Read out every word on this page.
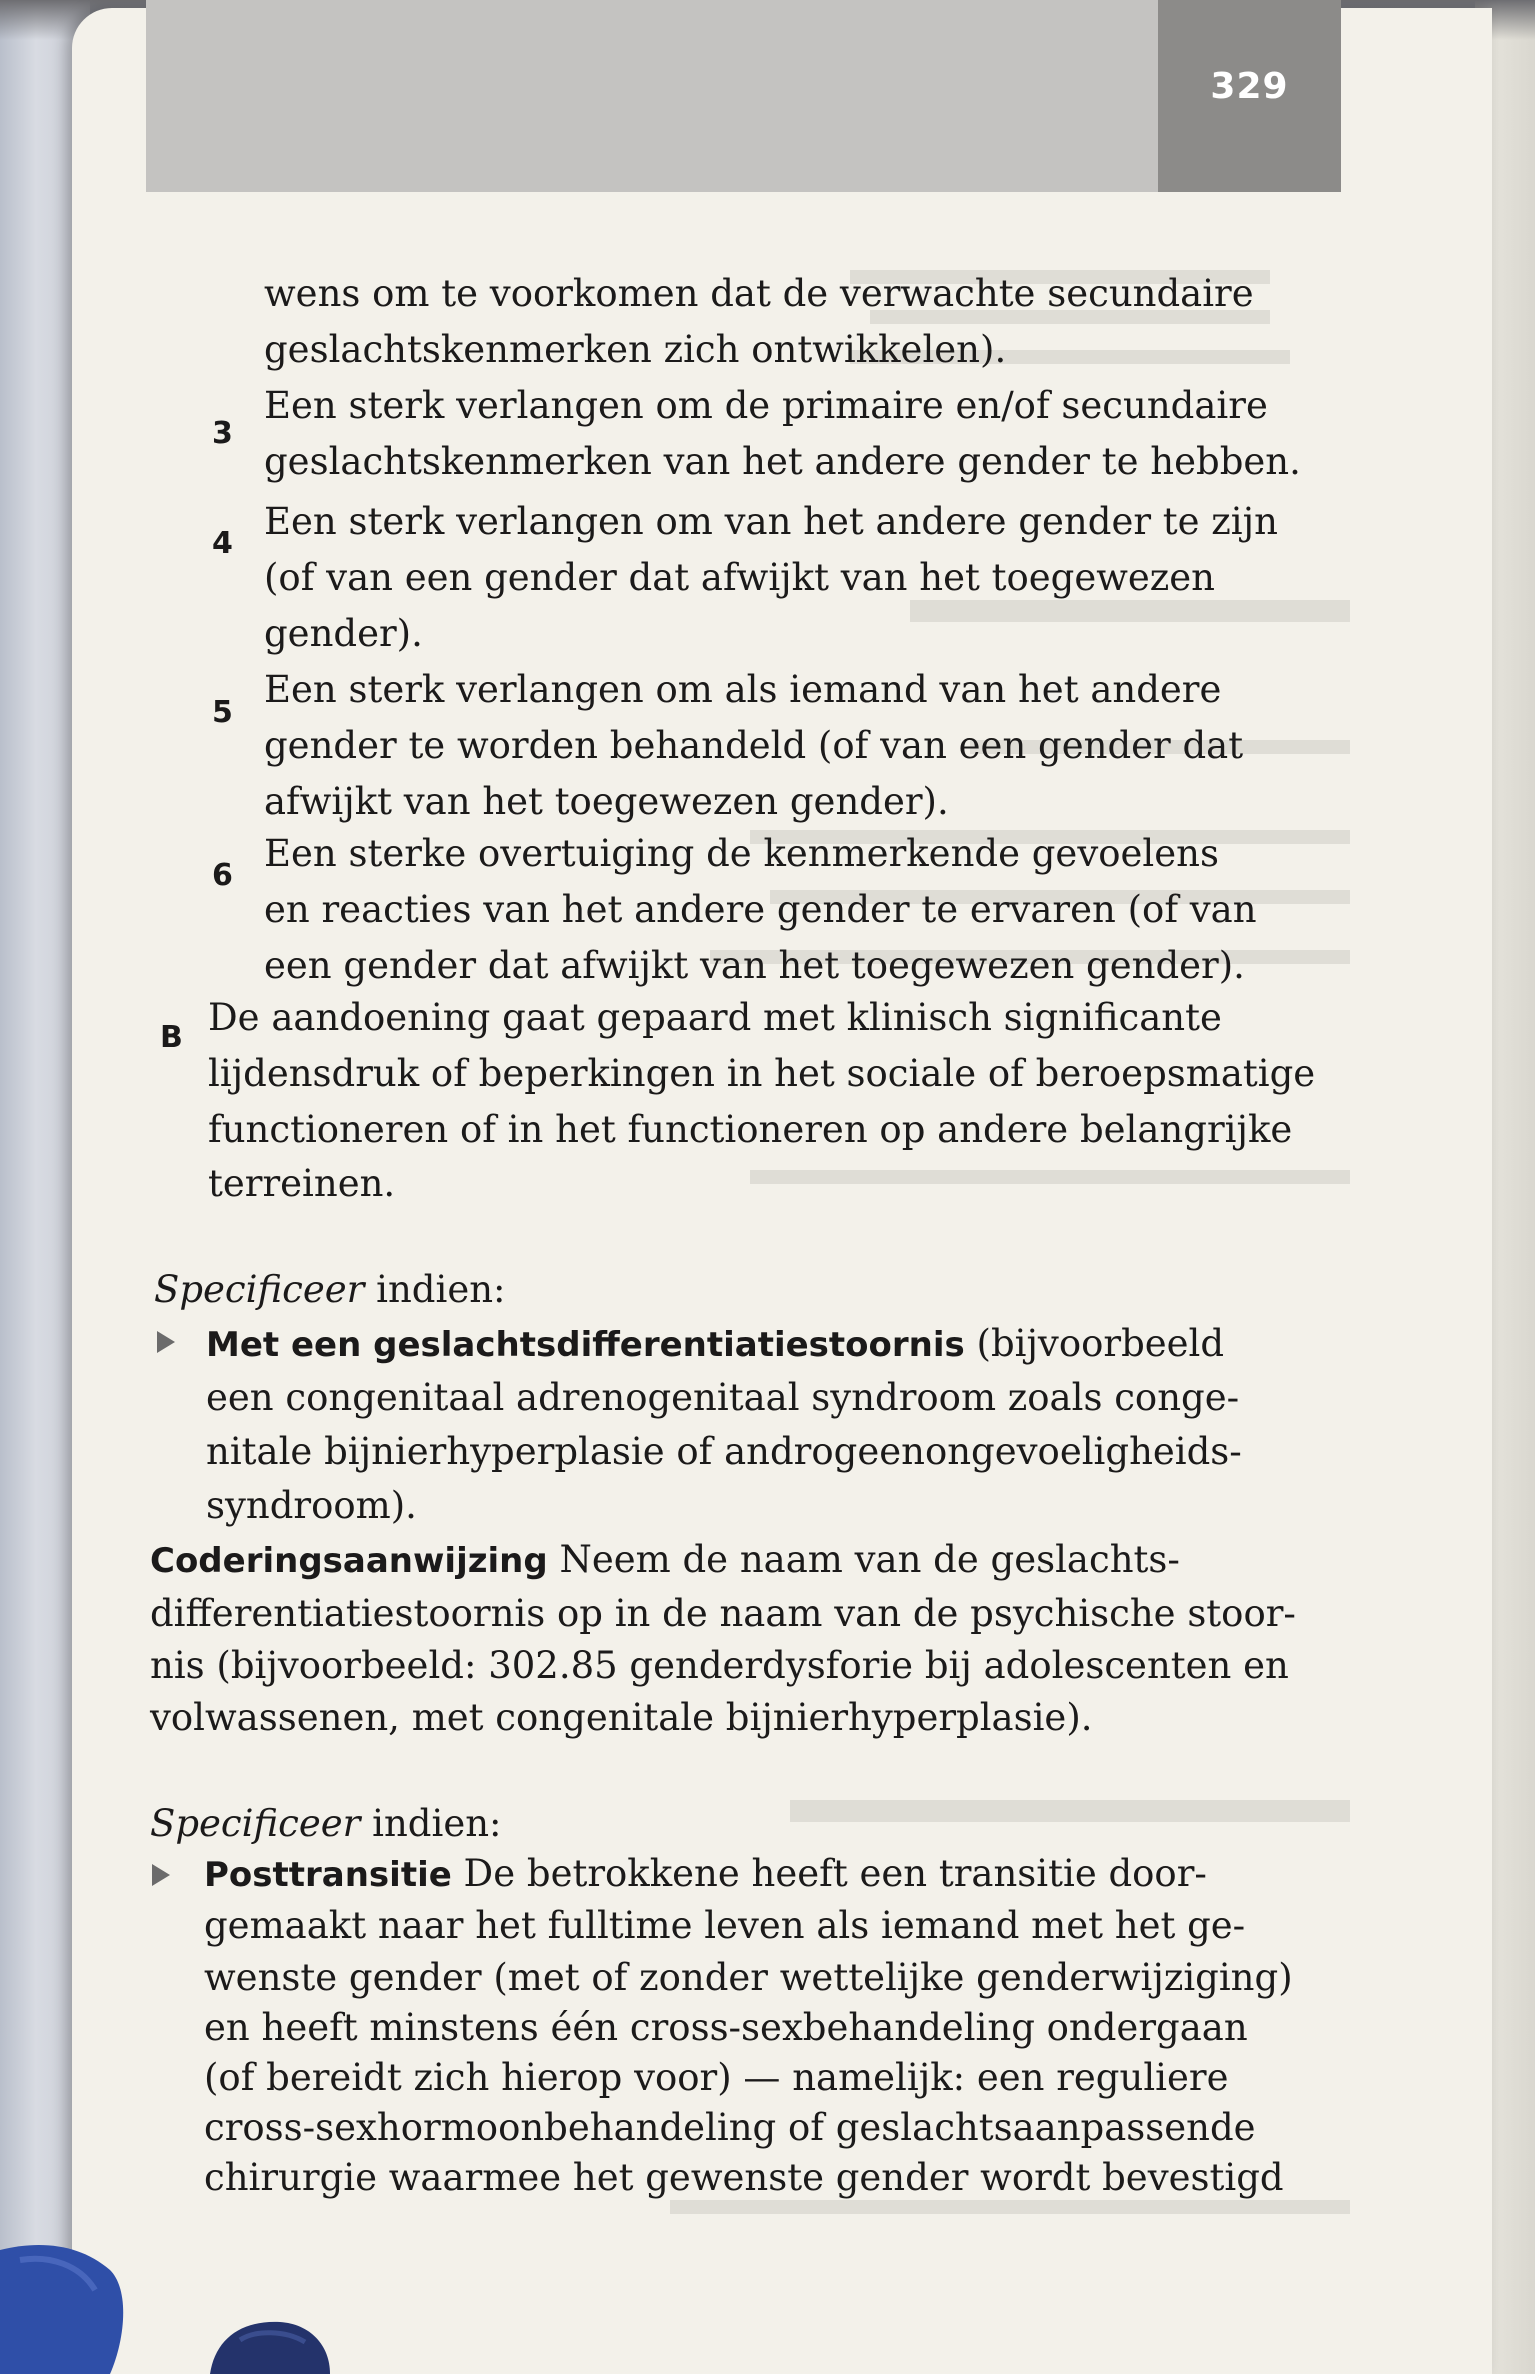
329
wens om te voorkomen dat de verwachte secundaire
geslachtskenmerken zich ontwikkelen).
3
Een sterk verlangen om de primaire en/of secundaire
geslachtskenmerken van het andere gender te hebben.
4
Een sterk verlangen om van het andere gender te zijn
(of van een gender dat afwijkt van het toegewezen
gender).
5
Een sterk verlangen om als iemand van het andere
gender te worden behandeld (of van een gender dat
afwijkt van het toegewezen gender).
6
Een sterke overtuiging de kenmerkende gevoelens
en reacties van het andere gender te ervaren (of van
een gender dat afwijkt van het toegewezen gender).
B De aandoening gaat gepaard met klinisch significante
lijdensdruk of beperkingen in het sociale of beroepsmatige
functioneren of in het functioneren op andere belangrijke
terreinen.
Specificeer indien:
Met een geslachtsdifferentiatiestoornis (bijvoorbeeld
een congenitaal adrenogenitaal syndroom zoals conge-
nitale bijnierhyperplasie of androgeenongevoeligheids-
syndroom).
Coderingsaanwijzing Neem de naam van de geslachts-
differentiatiestoornis op in de naam van de psychische stoor-
nis (bijvoorbeeld: 302.85 genderdysforie bij adolescenten en
volwassenen, met congenitale bijnierhyperplasie).
Specificeer indien:
Posttransitie De betrokkene heeft een transitie door-
gemaakt naar het fulltime leven als iemand met het ge-
wenste gender (met of zonder wettelijke genderwijziging)
en heeft minstens één cross-sexbehandeling ondergaan
(of bereidt zich hierop voor) — namelijk: een reguliere
cross-sexhormoonbehandeling of geslachtsaanpassende
chirurgie waarmee het gewenste gender wordt bevestigd
